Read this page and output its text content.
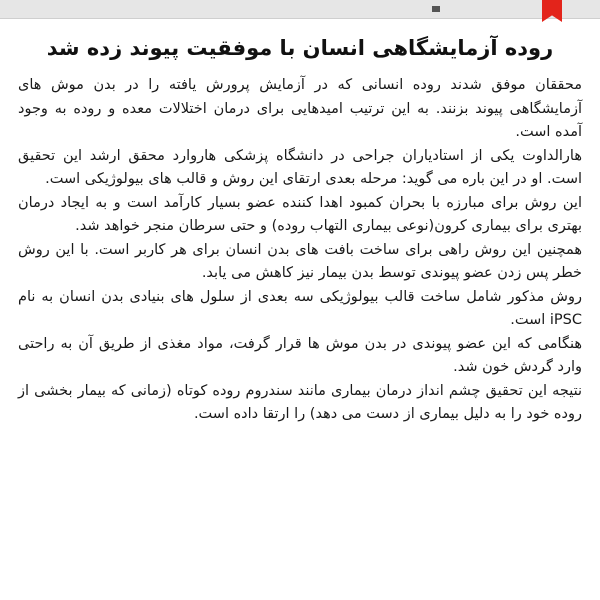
روده آزمایشگاهی انسان با موفقیت پیوند زده شد

محققان موفق شدند روده انسانی که در آزمایش پرورش یافته را در بدن موش های آزمایشگاهی پیوند بزنند. به این ترتیب امیدهایی برای درمان اختلالات معده و روده به وجود آمده است.

هارالداوت یکی از استادیاران جراحی در دانشگاه پزشکی هاروارد محقق ارشد این تحقیق است. او در این باره می گوید: مرحله بعدی ارتقای این روش و قالب های بیولوژیکی است.

این روش برای مبارزه با بحران کمبود اهدا کننده عضو بسیار کارآمد است و به ایجاد درمان بهتری برای بیماری کرون(نوعی بیماری التهاب روده) و حتی سرطان منجر خواهد شد.

همچنین این روش راهی برای ساخت بافت های بدن انسان برای هر کاربر است. با این روش خطر پس زدن عضو پیوندی توسط بدن بیمار نیز کاهش می یابد.

روش مذکور شامل ساخت قالب بیولوژیکی سه بعدی از سلول های بنیادی بدن انسان به نام iPSC است.

هنگامی که این عضو پیوندی در بدن موش ها قرار گرفت، مواد مغذی از طریق آن به راحتی وارد گردش خون شد.

نتیجه این تحقیق چشم انداز درمان بیماری مانند سندروم روده کوتاه (زمانی که بیمار بخشی از روده خود را به دلیل بیماری از دست می دهد) را ارتقا داده است.
